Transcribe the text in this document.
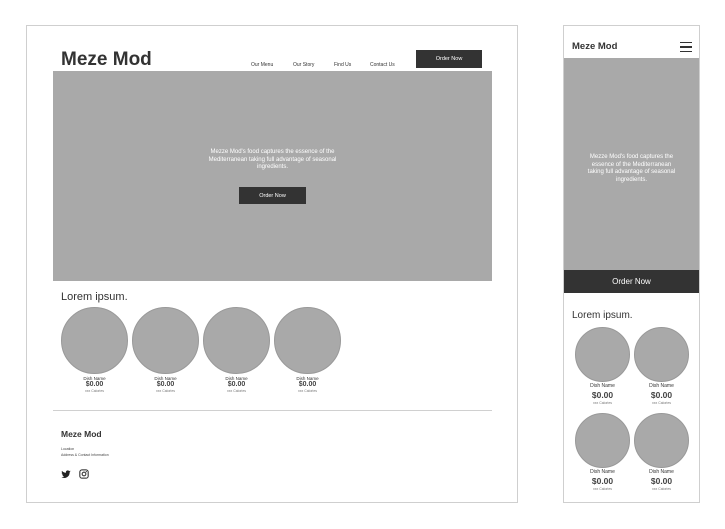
Meze Mod	Our Menu	Our Story	Find Us	Contact Us
Order Now
Mezze Mod's food captures the essence of the
Mediterranean taking full advantage of seasonal
ingredients.
Order Now
Lorem ipsum.
Dish Name
$0.00
xxx Calories
Dish Name
$0.00
xxx Calories
Dish Name
$0.00
xxx Calories
Dish Name
$0.00
xxx Calories
Meze Mod
Location
Address & Contact Information
Meze Mod
Mezze Mod's food captures the
essence of the Mediterranean
taking full advantage of seasonal
ingredients.
Order Now
Lorem ipsum.
Dish Name
$0.00
xxx Calories
Dish Name
$0.00
xxx Calories
Dish Name
$0.00
xxx Calories
Dish Name
$0.00
xxx Calories
